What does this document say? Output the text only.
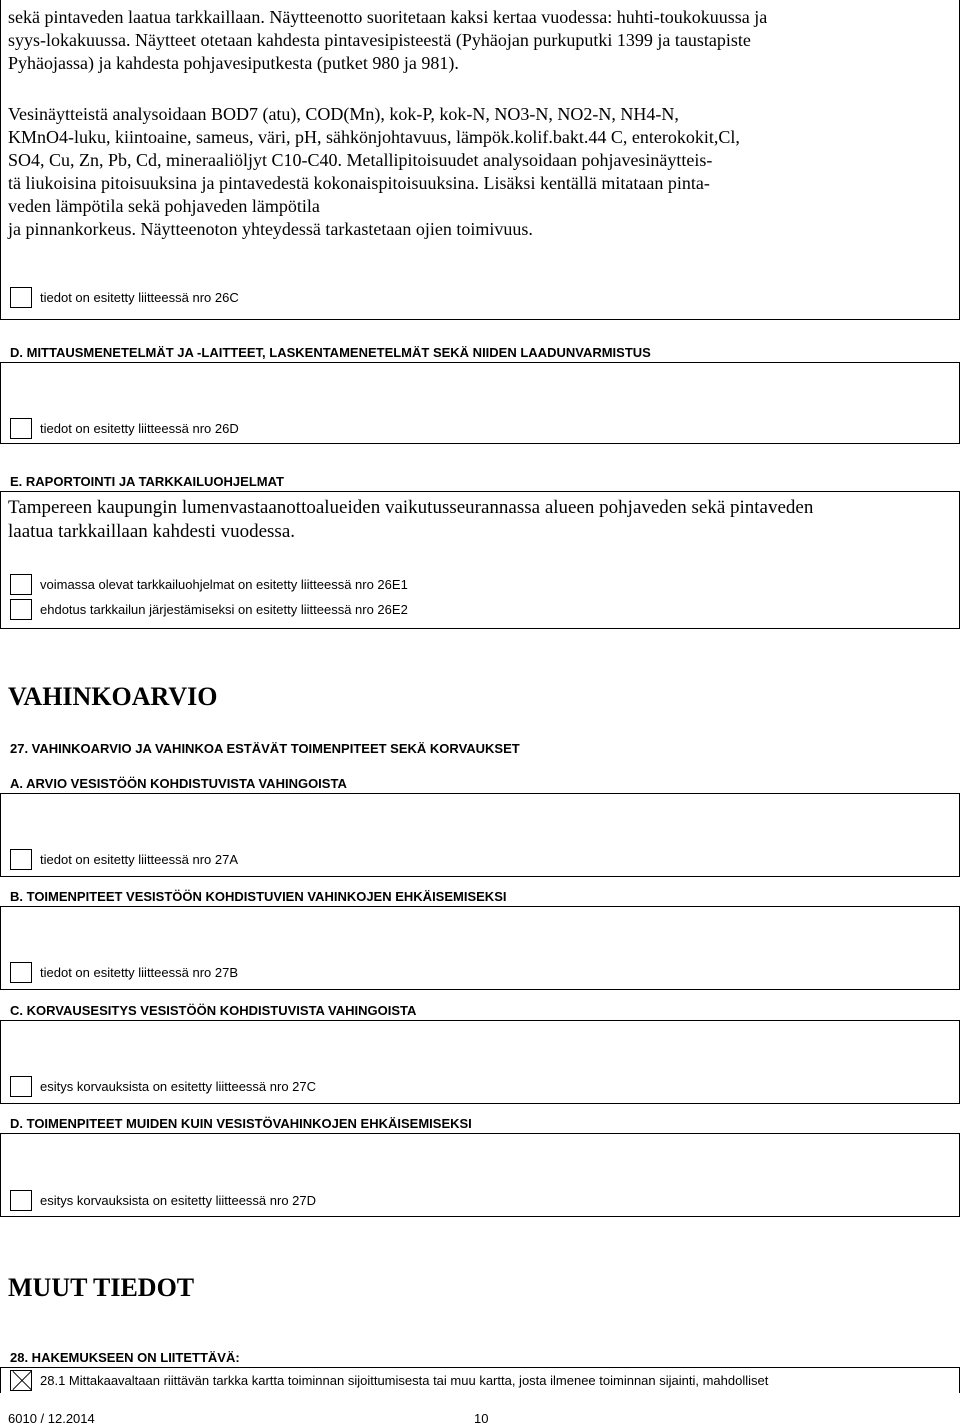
sekä pintaveden laatua tarkkaillaan. Näytteenotto suoritetaan kaksi kertaa vuodessa: huhti-toukokuussa ja
syys-lokakuussa. Näytteet otetaan kahdesta pintavesipisteestä (Pyhäojan purkuputki 1399 ja taustapiste
Pyhäojassa) ja kahdesta pohjavesiputkesta (putket 980 ja 981).
Vesinäytteistä analysoidaan BOD7 (atu), COD(Mn), kok-P, kok-N, NO3-N, NO2-N, NH4-N,
KMnO4-luku, kiintoaine, sameus, väri, pH, sähkönjohtavuus, lämpök.kolif.bakt.44 C, enterokokit,Cl,
SO4, Cu, Zn, Pb, Cd, mineraaliöljyt C10-C40. Metallipitoisuudet analysoidaan pohjavesinäytteis-
tä liukoisina pitoisuuksina ja pintavedestä kokonaispitoisuuksina. Lisäksi kentällä mitataan pinta-
veden lämpötila sekä pohjaveden lämpötila
ja pinnankorkeus. Näytteenoton yhteydessä tarkastetaan ojien toimivuus.
tiedot on esitetty liitteessä nro 26C
D. MITTAUSMENETELMÄT JA -LAITTEET, LASKENTAMENETELMÄT SEKÄ NIIDEN LAADUNVARMISTUS
tiedot on esitetty liitteessä nro 26D
E. RAPORTOINTI JA TARKKAILUOHJELMAT
Tampereen kaupungin lumenvastaanottoalueiden vaikutusseurannassa alueen pohjaveden sekä pintaveden
laatua tarkkaillaan kahdesti vuodessa.
voimassa olevat tarkkailuohjelmat on esitetty liitteessä nro 26E1
ehdotus tarkkailun järjestämiseksi on esitetty liitteessä nro 26E2
VAHINKOARVIO
27. VAHINKOARVIO JA VAHINKOA ESTÄVÄT TOIMENPITEET SEKÄ KORVAUKSET
A. ARVIO VESISTÖÖN KOHDISTUVISTA VAHINGOISTA
tiedot on esitetty liitteessä nro 27A
B. TOIMENPITEET VESISTÖÖN KOHDISTUVIEN VAHINKOJEN EHKÄISEMISEKSI
tiedot on esitetty liitteessä nro 27B
C. KORVAUSESITYS VESISTÖÖN KOHDISTUVISTA VAHINGOISTA
esitys korvauksista on esitetty liitteessä nro 27C
D. TOIMENPITEET MUIDEN KUIN VESISTÖVAHINKOJEN EHKÄISEMISEKSI
esitys korvauksista on esitetty liitteessä nro 27D
MUUT TIEDOT
28. HAKEMUKSEEN ON LIITETTÄVÄ:
28.1 Mittakaavaltaan riittävän tarkka kartta toiminnan sijoittumisesta tai muu kartta, josta ilmenee toiminnan sijainti, mahdolliset
6010 / 12.2014	10
